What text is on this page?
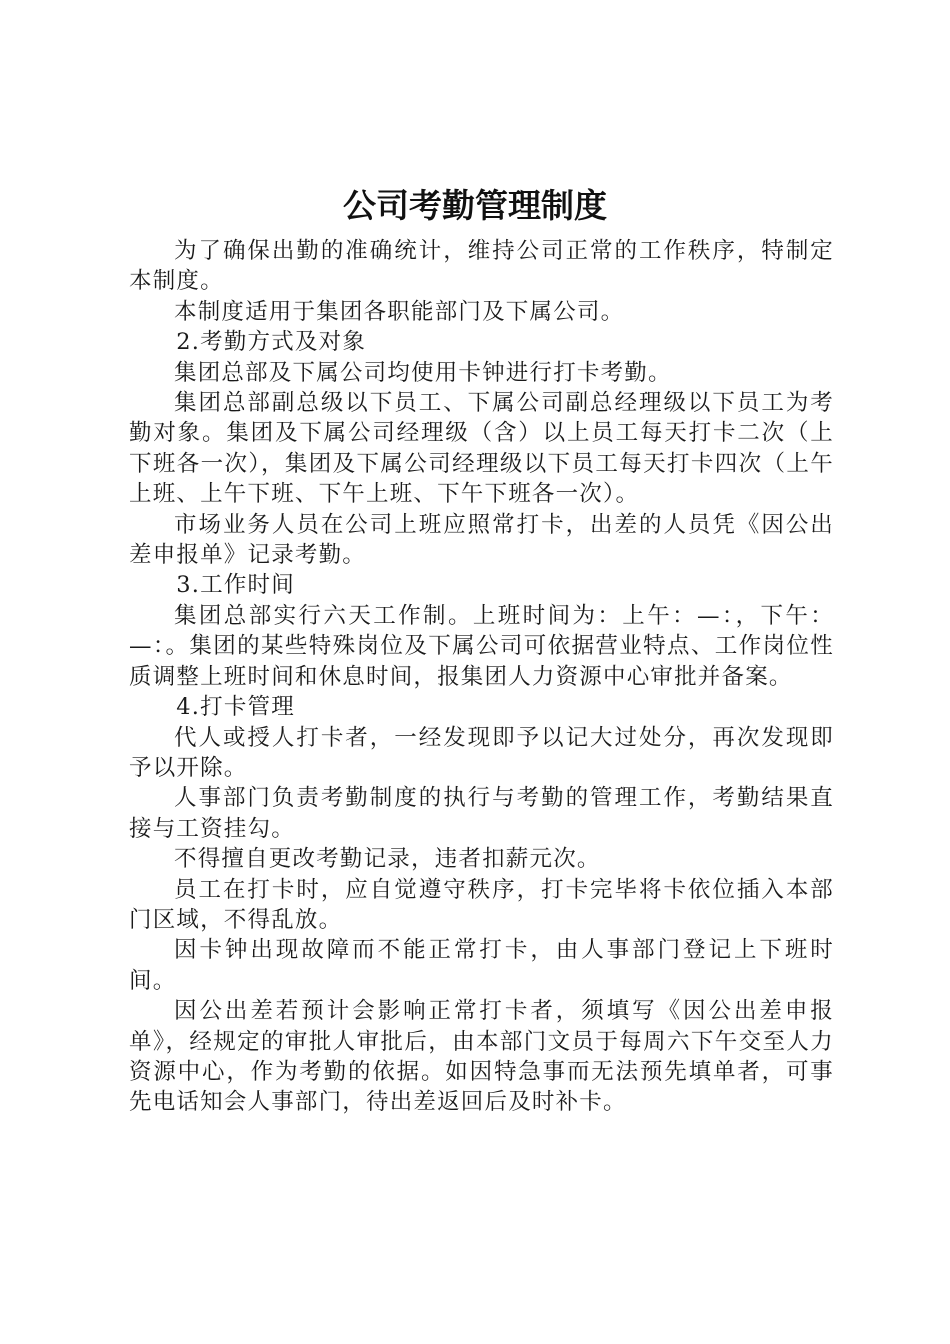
公司考勤管理制度

为了确保出勤的准确统计，维持公司正常的工作秩序，特制定本制度。

本制度适用于集团各职能部门及下属公司。

2.考勤方式及对象

集团总部及下属公司均使用卡钟进行打卡考勤。

集团总部副总级以下员工、下属公司副总经理级以下员工为考勤对象。集团及下属公司经理级（含）以上员工每天打卡二次（上下班各一次），集团及下属公司经理级以下员工每天打卡四次（上午上班、上午下班、下午上班、下午下班各一次）。

市场业务人员在公司上班应照常打卡，出差的人员凭《因公出差申报单》记录考勤。

3.工作时间

集团总部实行六天工作制。上班时间为：上午：—：，下午：—：。集团的某些特殊岗位及下属公司可依据营业特点、工作岗位性质调整上班时间和休息时间，报集团人力资源中心审批并备案。

4.打卡管理

代人或授人打卡者，一经发现即予以记大过处分，再次发现即予以开除。

人事部门负责考勤制度的执行与考勤的管理工作，考勤结果直接与工资挂勾。

不得擅自更改考勤记录，违者扣薪元次。

员工在打卡时，应自觉遵守秩序，打卡完毕将卡依位插入本部门区域，不得乱放。

因卡钟出现故障而不能正常打卡，由人事部门登记上下班时间。

因公出差若预计会影响正常打卡者，须填写《因公出差申报单》，经规定的审批人审批后，由本部门文员于每周六下午交至人力资源中心，作为考勤的依据。如因特急事而无法预先填单者，可事先电话知会人事部门，待出差返回后及时补卡。
